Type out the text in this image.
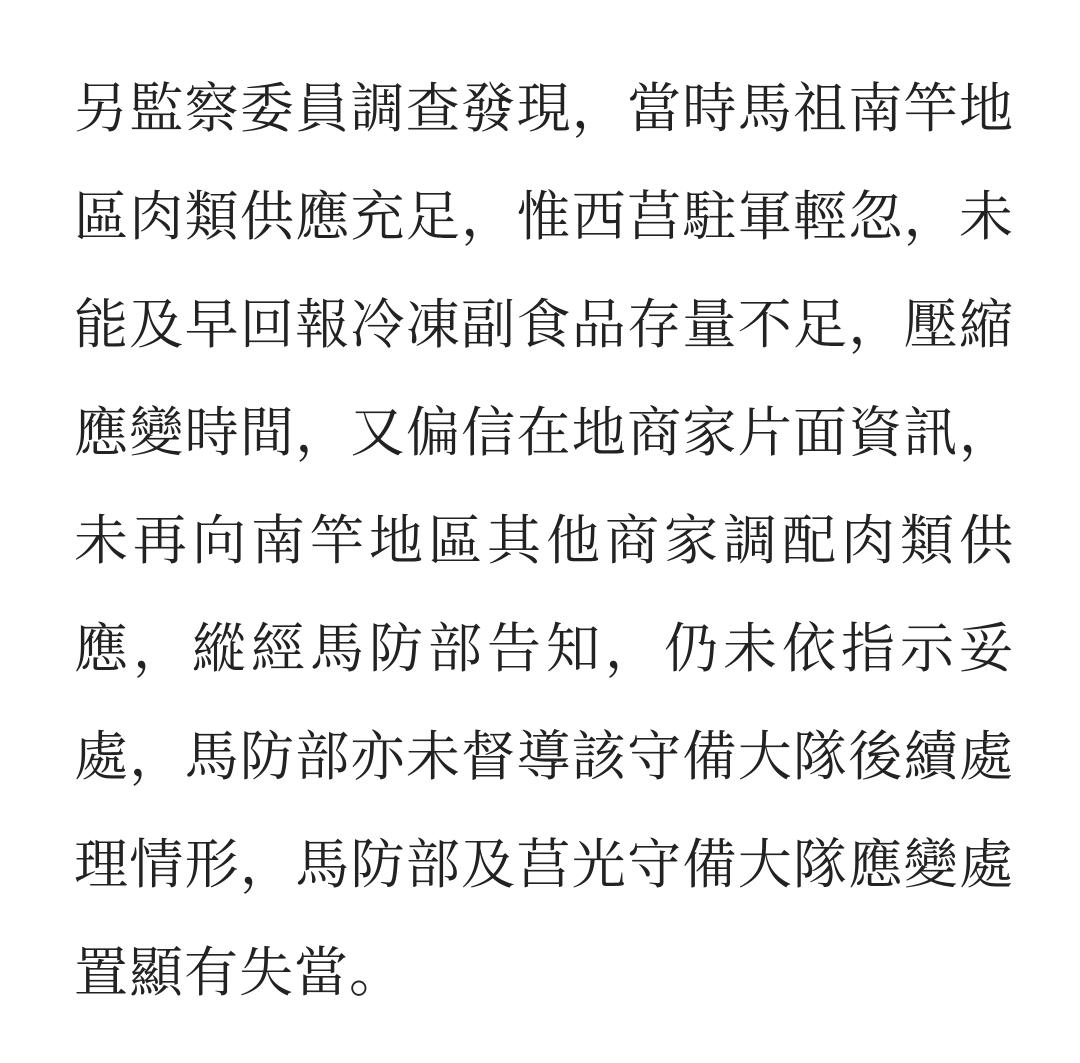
另監察委員調查發現，當時馬祖南竿地
區肉類供應充足，惟西莒駐軍輕忽，未
能及早回報冷凍副食品存量不足，壓縮
應變時間，又偏信在地商家片面資訊，
未再向南竿地區其他商家調配肉類供
應，縱經馬防部告知，仍未依指示妥
處，馬防部亦未督導該守備大隊後續處
理情形，馬防部及莒光守備大隊應變處
置顯有失當。
